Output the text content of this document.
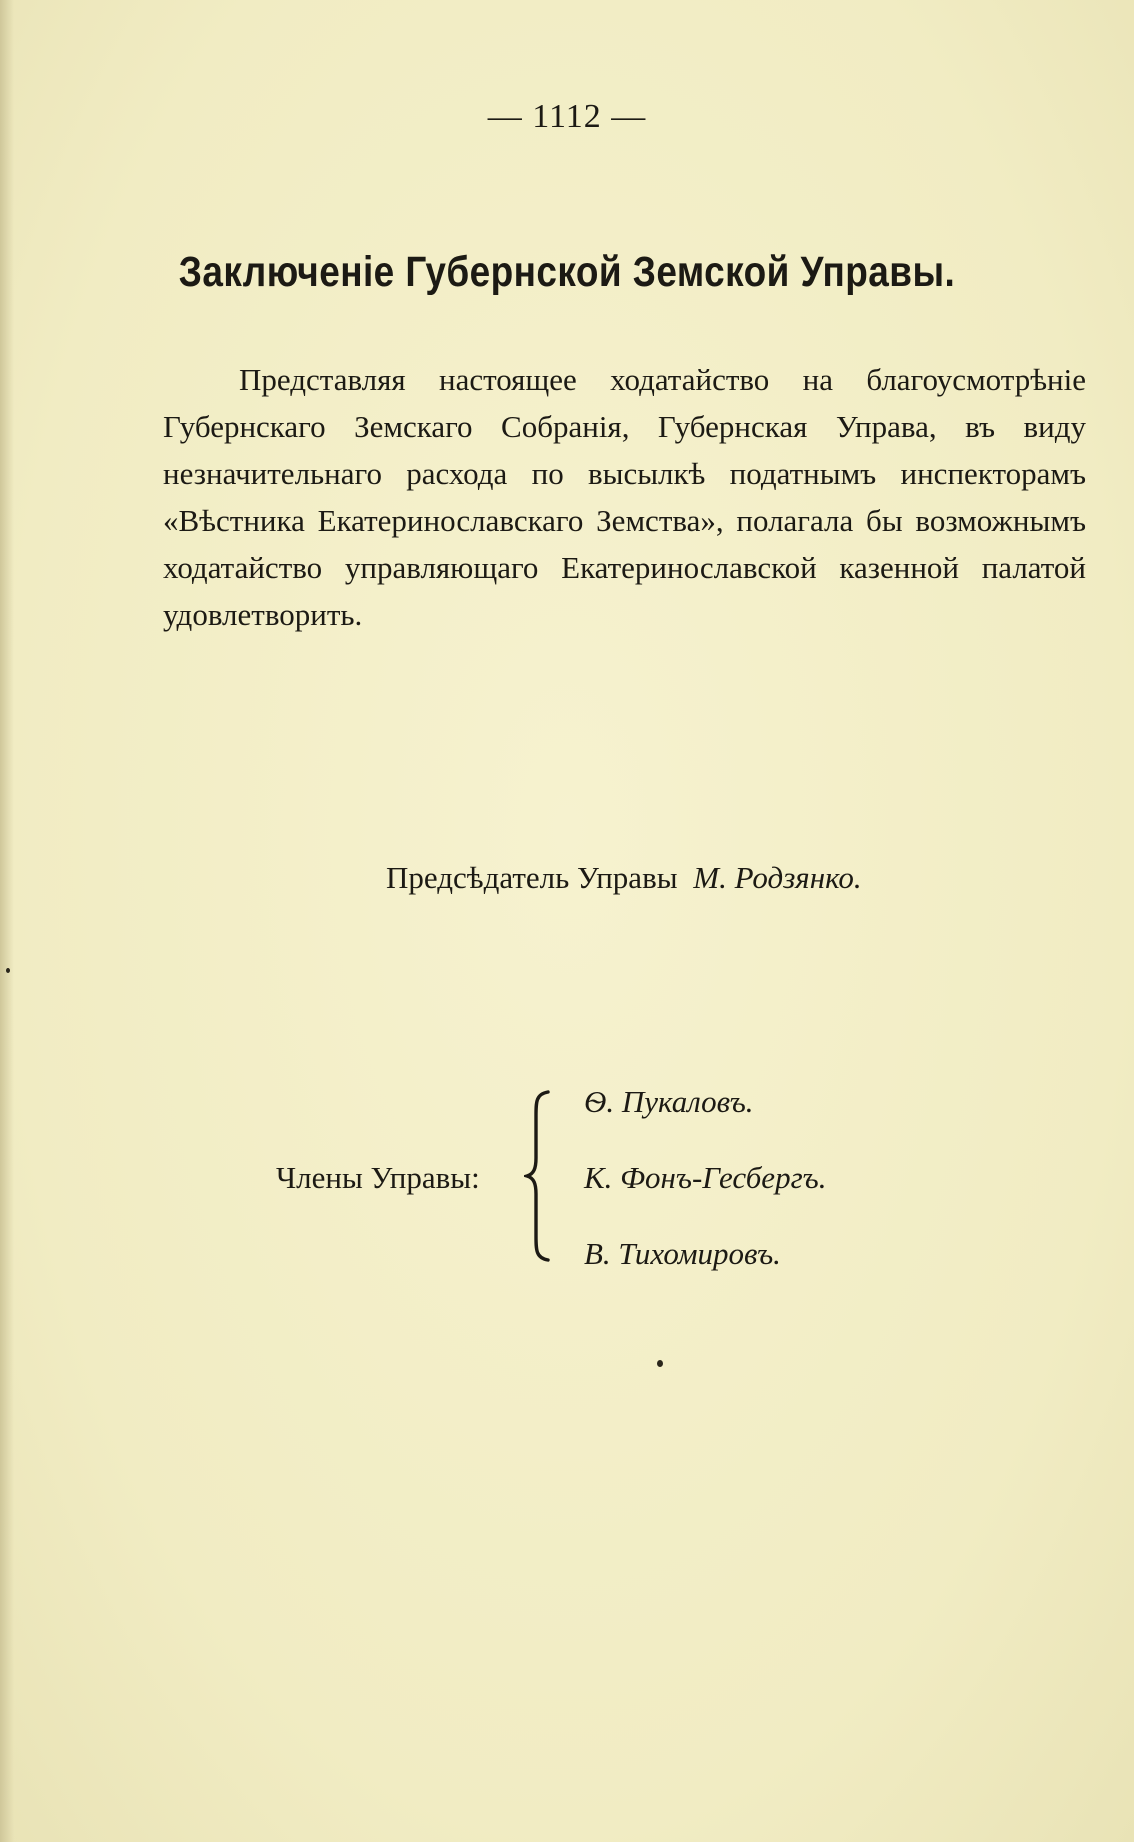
— 1112 —
Заключенiе Губернской Земской Управы.

Представляя настоящее ходатайство на благоусмотрѣнiе Губернскаго Земскаго Собранiя, Губернская Управа, въ виду незначительнаго расхода по высылкѣ податнымъ инспекторамъ «Вѣстника Екатеринославскаго Земства», полагала бы возможнымъ ходатайство управляющаго Екатеринославской казенной палатой удовлетворить.

Предсѣдатель Управы М. Родзянко.
Члены Управы:
Ѳ. Пукаловъ.
К. Фонъ-Гесбергъ.
В. Тихомировъ.
